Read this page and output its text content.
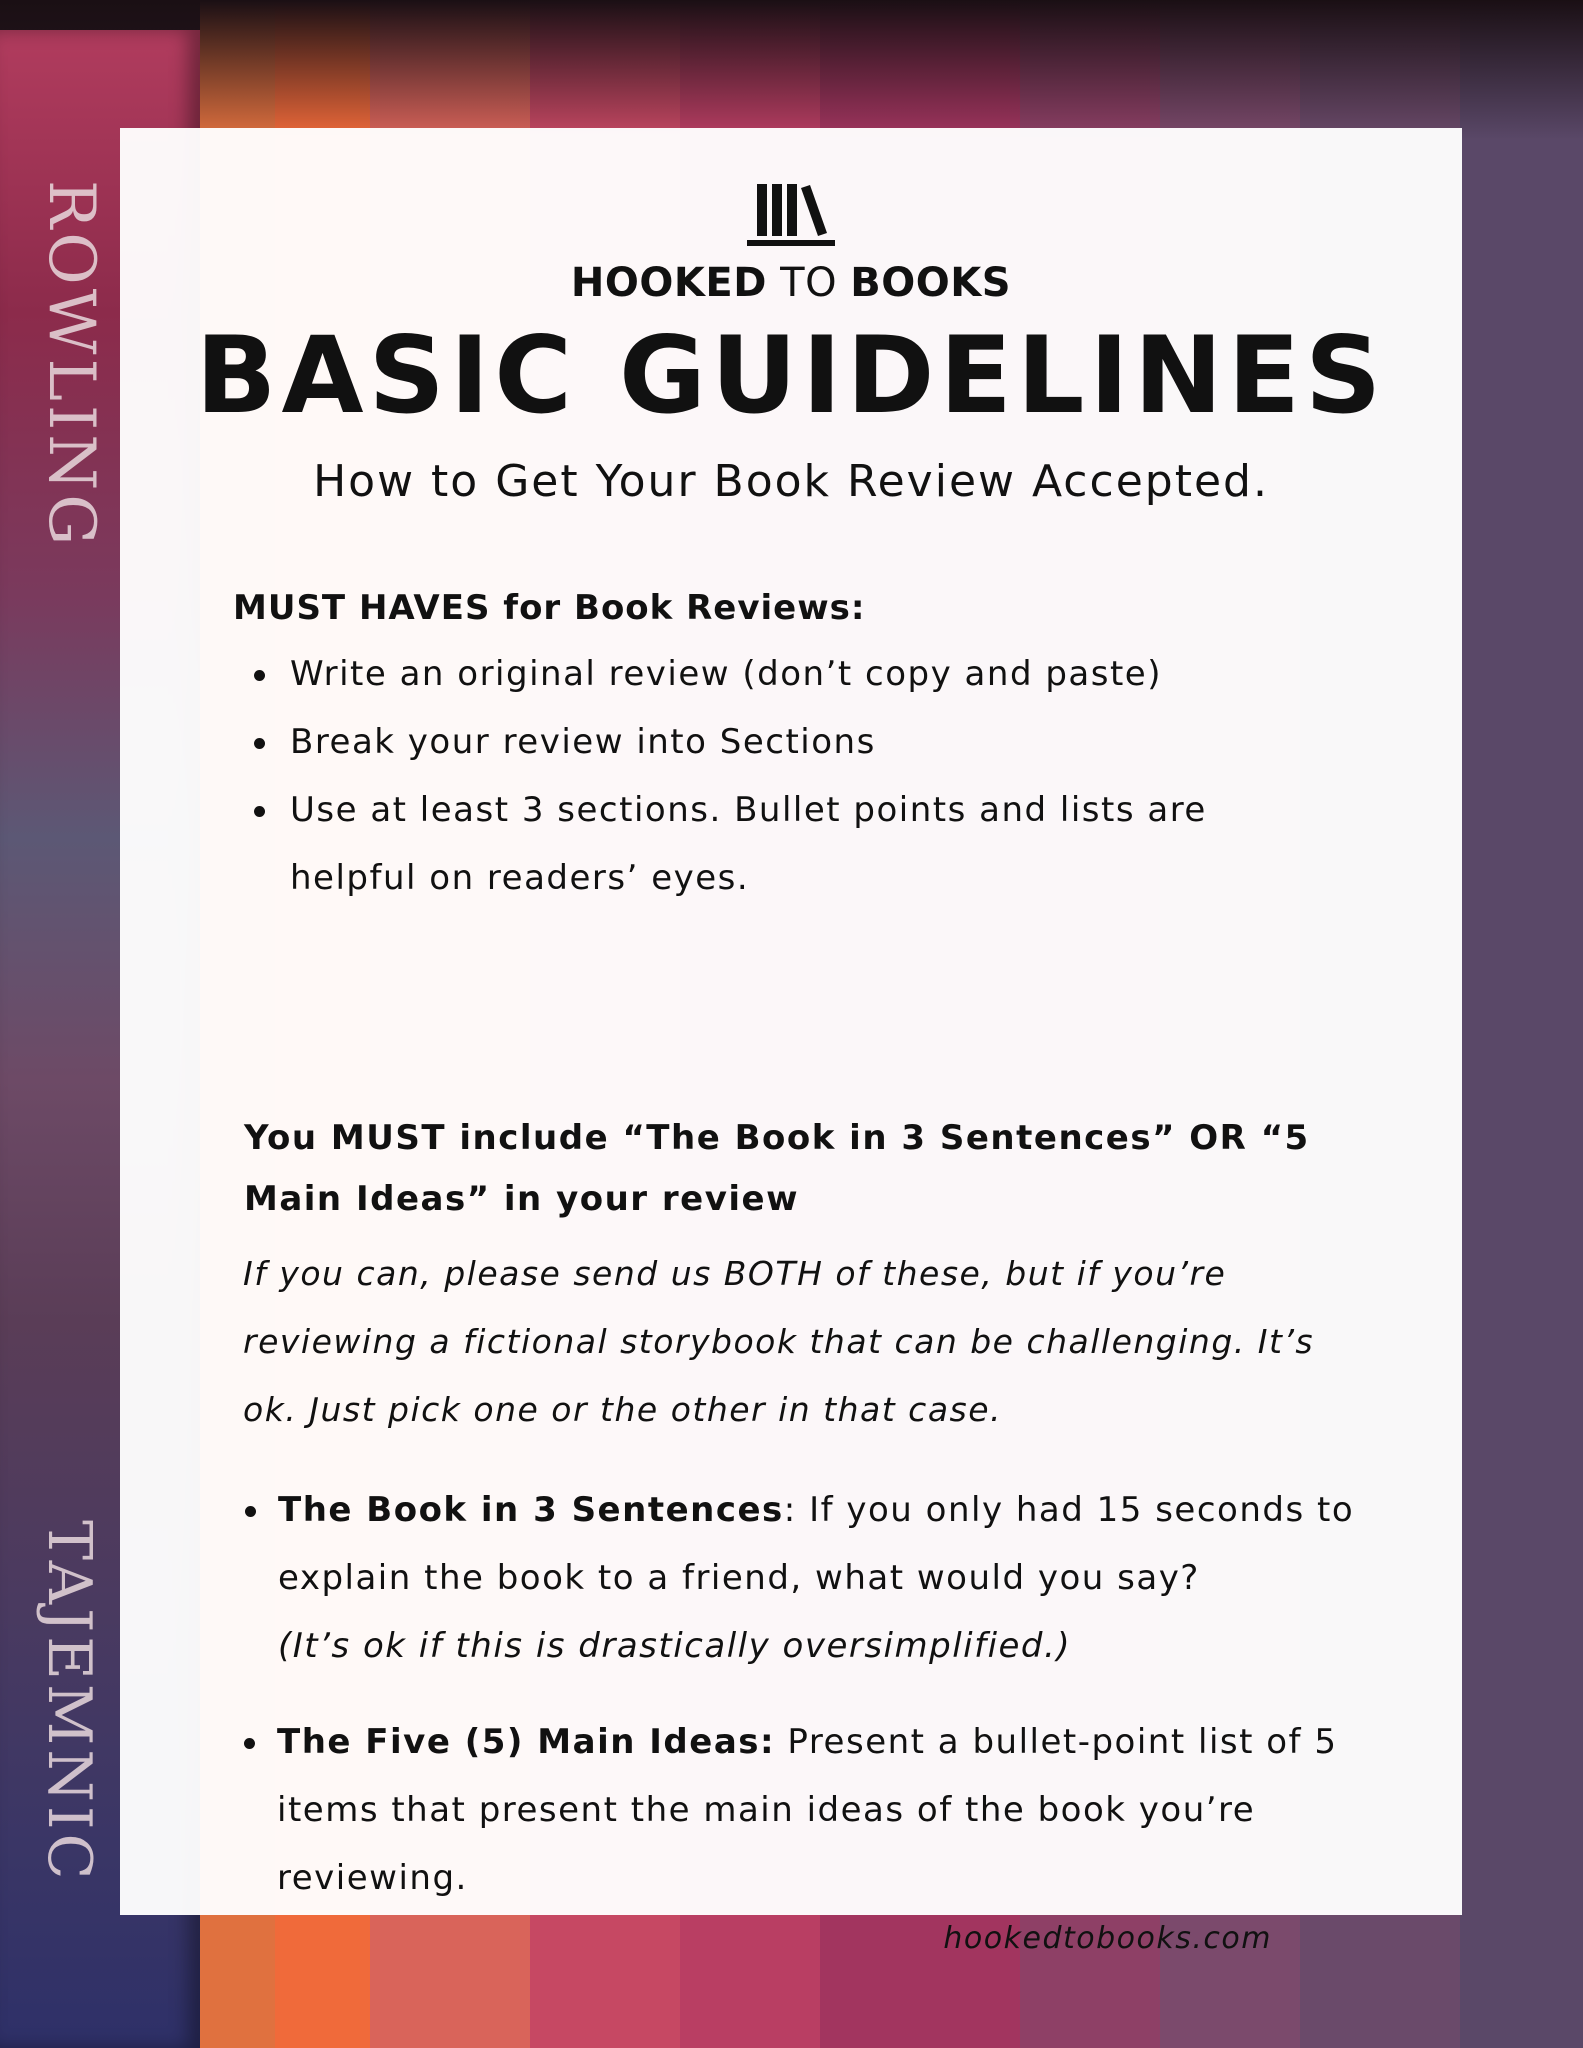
ROWLING
TAJEMNIC
HOOKED TO BOOKS
BASIC GUIDELINES
How to Get Your Book Review Accepted.
MUST HAVES for Book Reviews:
Write an original review (don’t copy and paste)
Break your review into Sections
Use at least 3 sections. Bullet points and lists are helpful on readers’ eyes.
You MUST include “The Book in 3 Sentences” OR “5 Main Ideas” in your review
If you can, please send us BOTH of these, but if you’re reviewing a fictional storybook that can be challenging. It’s ok. Just pick one or the other in that case.
The Book in 3 Sentences: If you only had 15 seconds to explain the book to a friend, what would you say?
(It’s ok if this is drastically oversimplified.)
The Five (5) Main Ideas: Present a bullet-point list of 5 items that present the main ideas of the book you’re reviewing.
hookedtobooks.com
